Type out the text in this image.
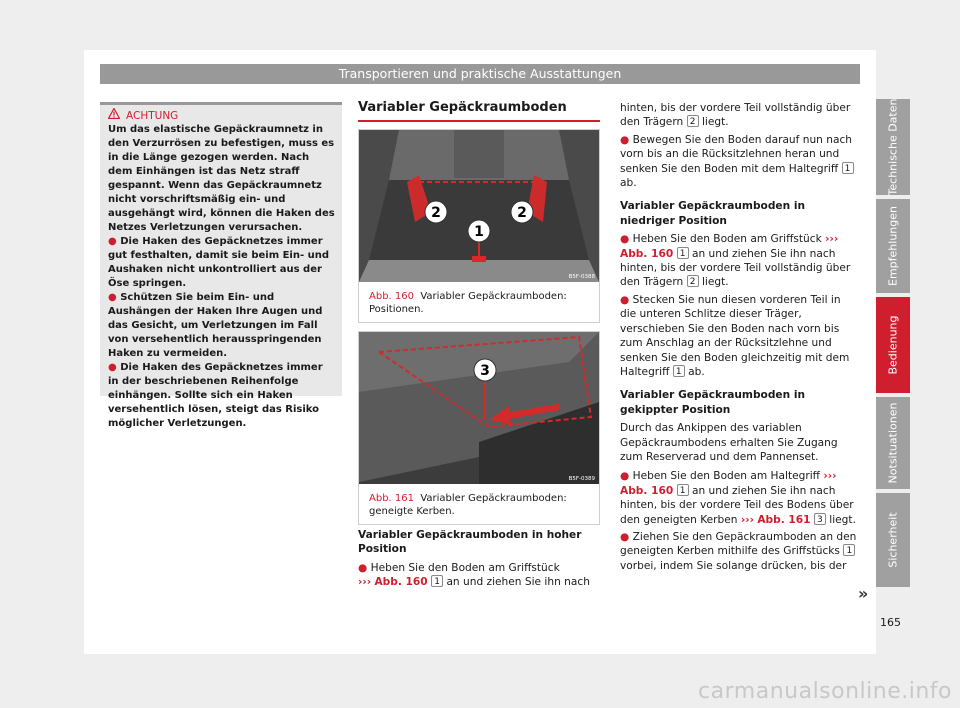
Transportieren und praktische Ausstattungen
ACHTUNG

Um das elastische Gepäckraumnetz in den Verzurrösen zu befestigen, muss es in die Länge gezogen werden. Nach dem Einhängen ist das Netz straff gespannt. Wenn das Gepäckraumnetz nicht vorschriftsmäßig ein- und ausgehängt wird, können die Haken des Netzes Verletzungen verursachen.

● Die Haken des Gepäcknetzes immer gut festhalten, damit sie beim Ein- und Aushaken nicht unkontrolliert aus der Öse springen.

● Schützen Sie beim Ein- und Aushängen der Haken Ihre Augen und das Gesicht, um Verletzungen im Fall von versehentlich herausspringenden Haken zu vermeiden.

● Die Haken des Gepäcknetzes immer in der beschriebenen Reihenfolge einhängen. Sollte sich ein Haken versehentlich lösen, steigt das Risiko möglicher Verletzungen.

Variabler Gepäckraumboden
2	2
1
B5F-0388
Abb. 160 Variabler Gepäckraumboden: Positionen.
3
B5F-0389
Abb. 161 Variabler Gepäckraumboden: geneigte Kerben.
Variabler Gepäckraumboden in hoher Position
● Heben Sie den Boden am Griffstück
››› Abb. 160 1 an und ziehen Sie ihn nach
hinten, bis der vordere Teil vollständig über den Trägern 2 liegt.
● Bewegen Sie den Boden darauf nun nach vorn bis an die Rücksitzlehnen heran und senken Sie den Boden mit dem Haltegriff 1 ab.
Variabler Gepäckraumboden in niedriger Position
● Heben Sie den Boden am Griffstück ››› Abb. 160 1 an und ziehen Sie ihn nach hinten, bis der vordere Teil vollständig über den Trägern 2 liegt.
● Stecken Sie nun diesen vorderen Teil in die unteren Schlitze dieser Träger, verschieben Sie den Boden nach vorn bis zum Anschlag an der Rücksitzlehne und senken Sie den Boden gleichzeitig mit dem Haltegriff 1 ab.
Variabler Gepäckraumboden in gekippter Position
Durch das Ankippen des variablen Gepäckraumbodens erhalten Sie Zugang zum Reserverad und dem Pannenset.
● Heben Sie den Boden am Haltegriff ››› Abb. 160 1 an und ziehen Sie ihn nach hinten, bis der vordere Teil des Bodens über den geneigten Kerben ››› Abb. 161 3 liegt.
● Ziehen Sie den Gepäckraumboden an den geneigten Kerben mithilfe des Griffstücks 1 vorbei, indem Sie solange drücken, bis der
»
Technische Daten
Empfehlungen
Bedienung
Notsituationen
Sicherheit
165
carmanualsonline.info
